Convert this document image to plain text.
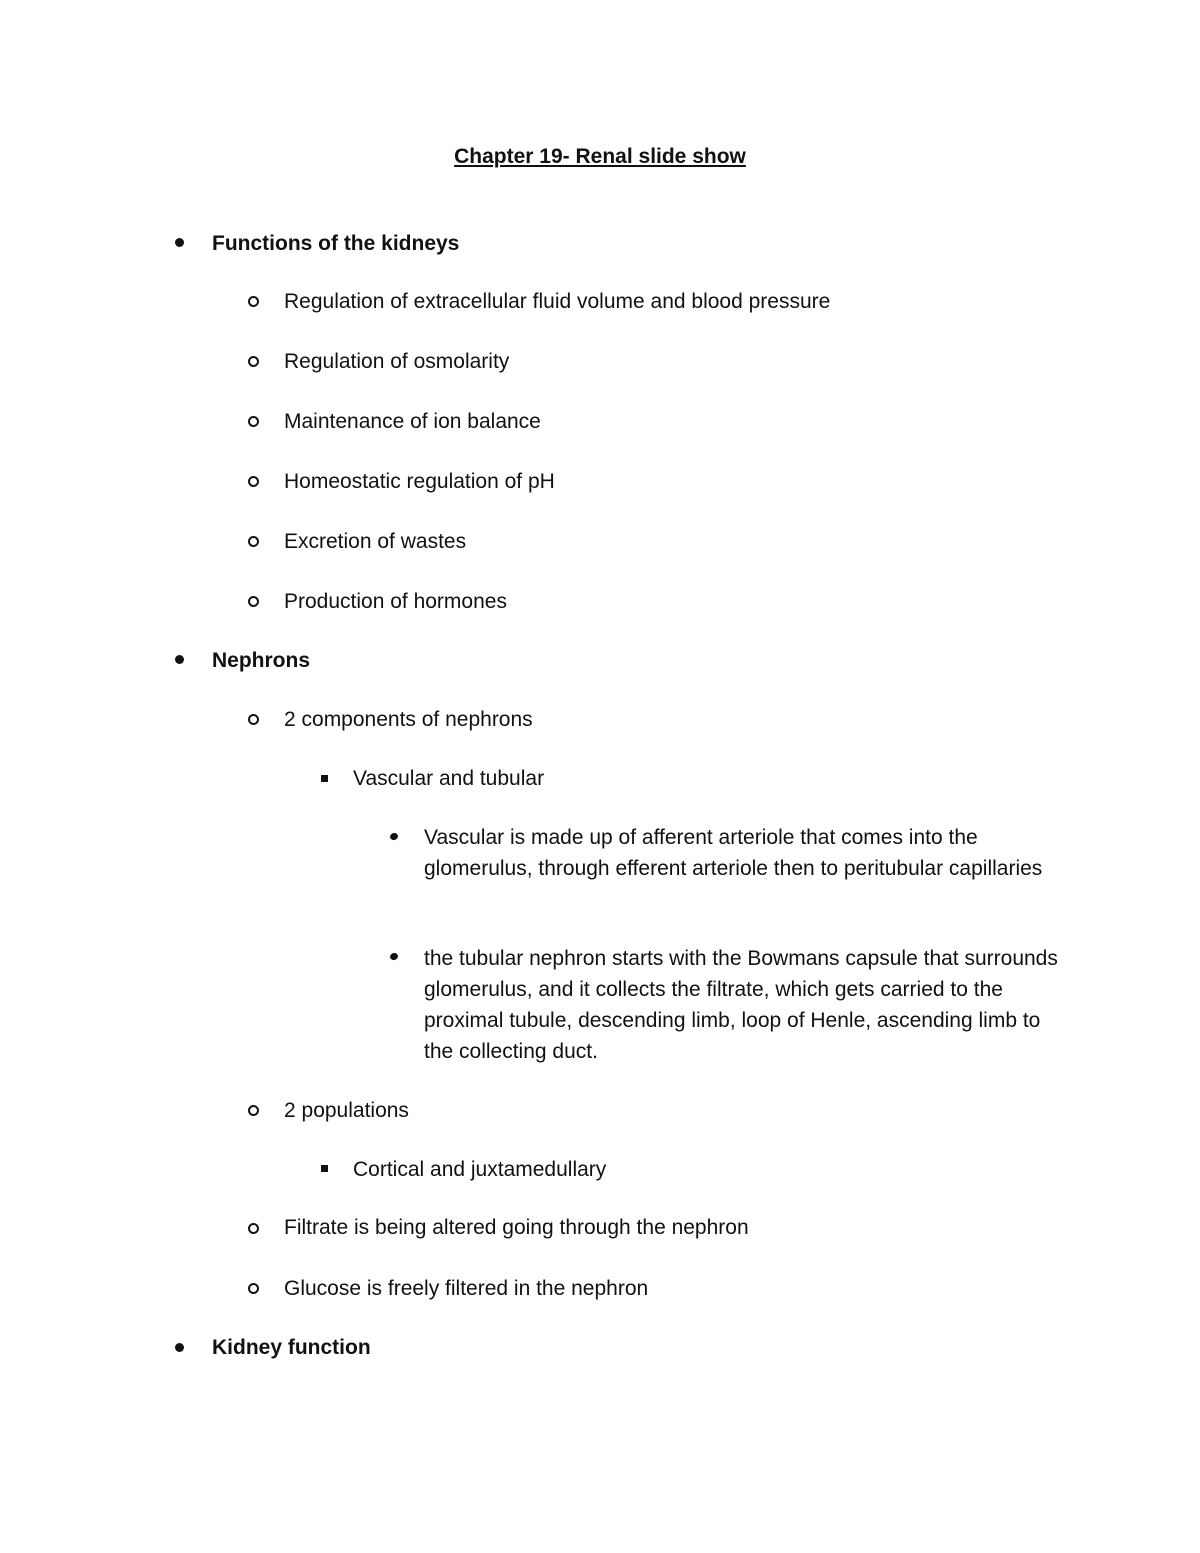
Chapter 19- Renal slide show
Functions of the kidneys
Regulation of extracellular fluid volume and blood pressure
Regulation of osmolarity
Maintenance of ion balance
Homeostatic regulation of pH
Excretion of wastes
Production of hormones
Nephrons
2 components of nephrons
Vascular and tubular
Vascular is made up of afferent arteriole that comes into the glomerulus, through efferent arteriole then to peritubular capillaries
the tubular nephron starts with the Bowmans capsule that surrounds glomerulus, and it collects the filtrate, which gets carried to the proximal tubule, descending limb, loop of Henle, ascending limb to the collecting duct.
2 populations
Cortical and juxtamedullary
Filtrate is being altered going through the nephron
Glucose is freely filtered in the nephron
Kidney function
